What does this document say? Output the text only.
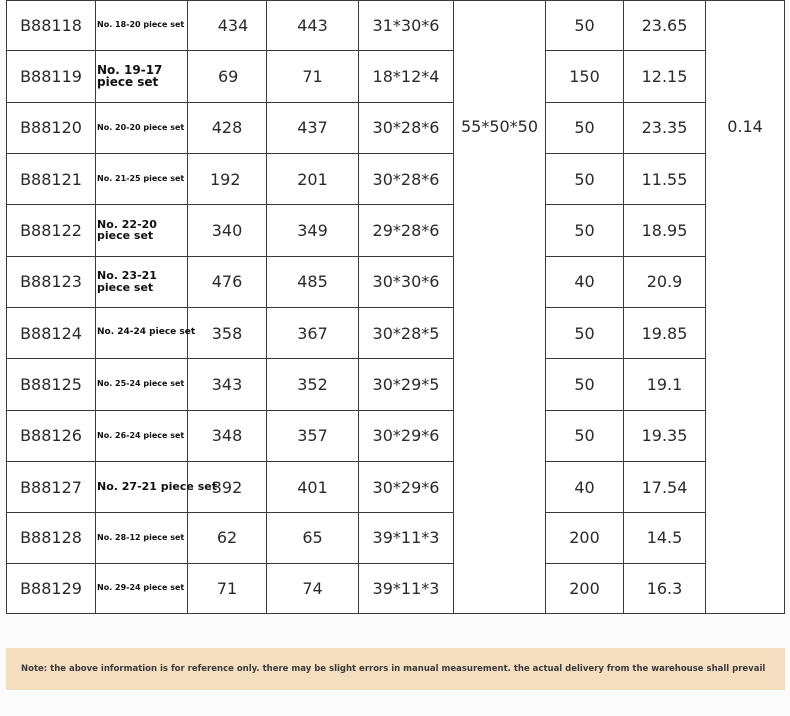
B88118	No. 18-20 piece set	434	443	31*30*6	55*50*50	50	23.65	0.14
B88119	No. 19-17 piece set	69	71	18*12*4		150	12.15	
B88120	No. 20-20 piece set	428	437	30*28*6		50	23.35	
B88121	No. 21-25 piece set	192	201	30*28*6		50	11.55	
B88122	No. 22-20 piece set	340	349	29*28*6		50	18.95	
B88123	No. 23-21 piece set	476	485	30*30*6		40	20.9	
B88124	No. 24-24 piece set	358	367	30*28*5		50	19.85	
B88125	No. 25-24 piece set	343	352	30*29*5		50	19.1	
B88126	No. 26-24 piece set	348	357	30*29*6		50	19.35	
B88127	No. 27-21 piece set	392	401	30*29*6		40	17.54	
B88128	No. 28-12 piece set	62	65	39*11*3		200	14.5	
B88129	No. 29-24 piece set	71	74	39*11*3		200	16.3	
Note: the above information is for reference only. there may be slight errors in manual measurement. the actual delivery from the warehouse shall prevail
